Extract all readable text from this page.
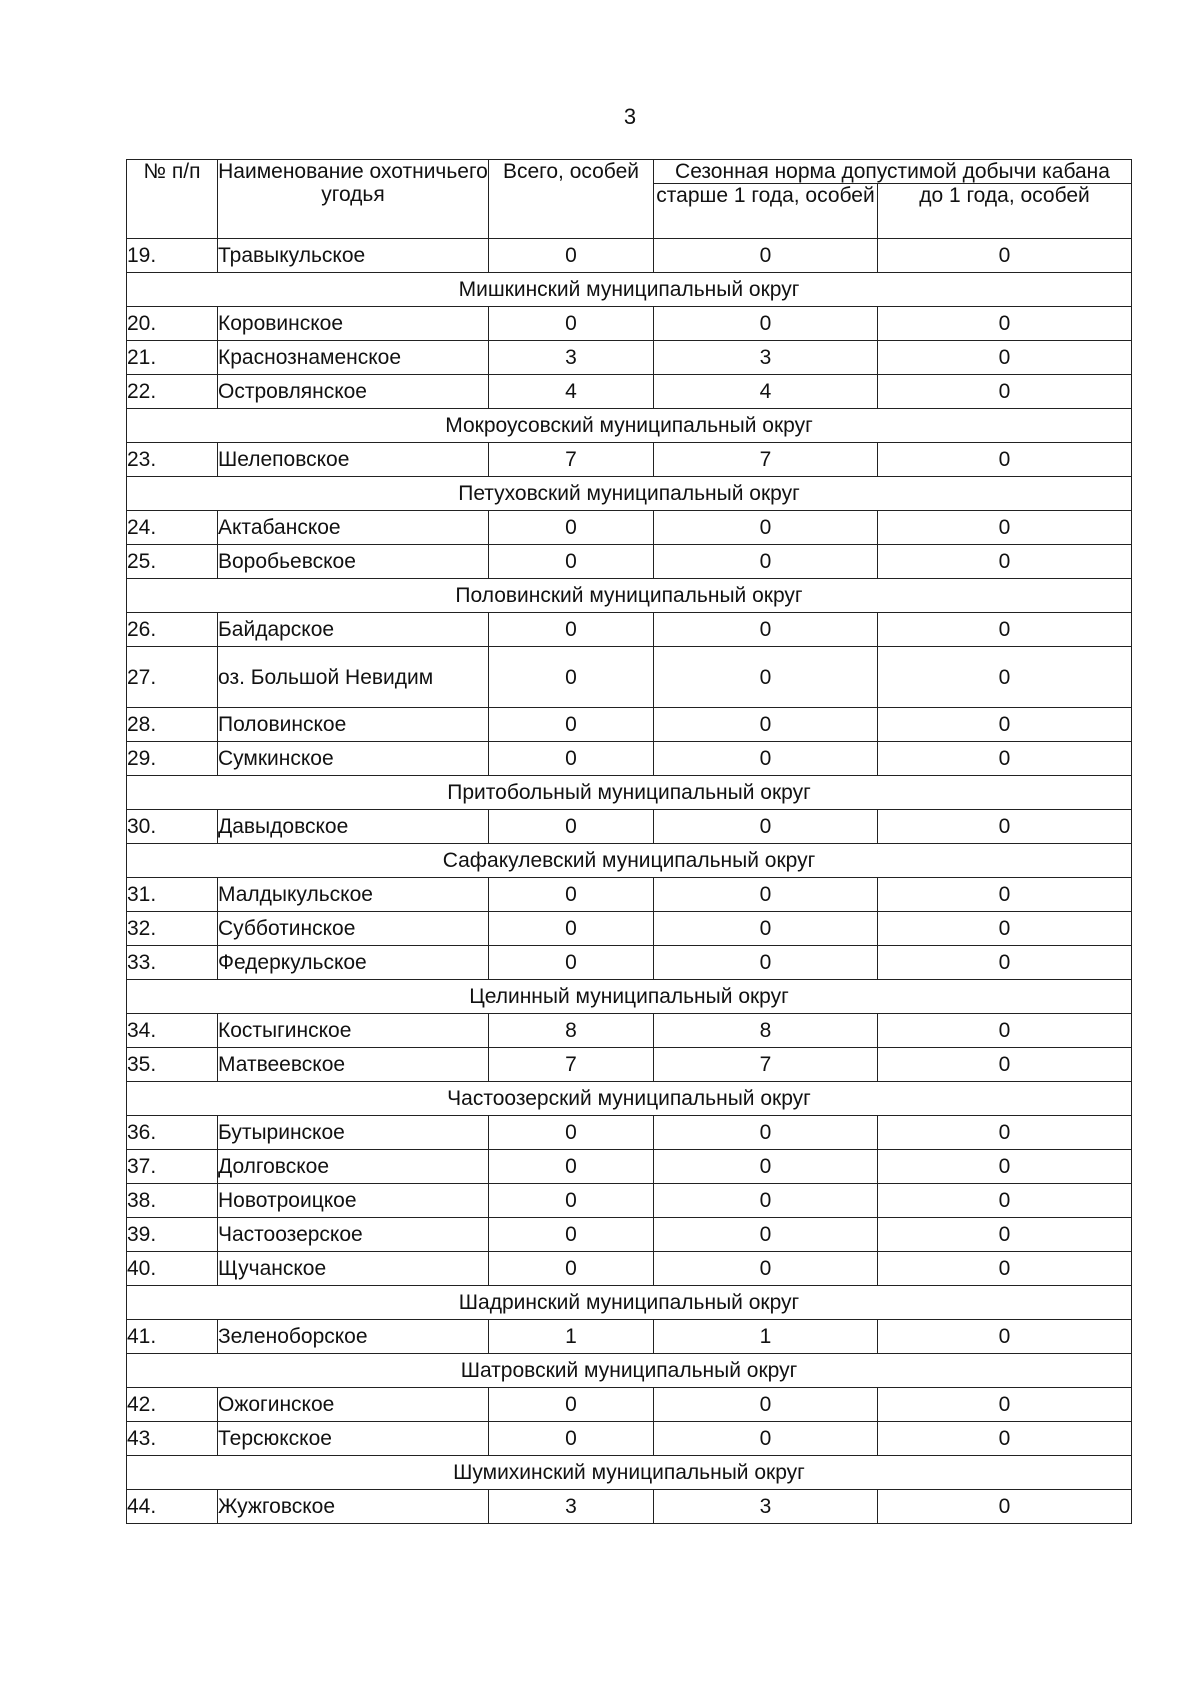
3
№ п/п	Наименование охотничьего угодья	Всего, особей	Сезонная норма допустимой добычи кабана	
			старше 1 года, особей	до 1 года, особей
19.	Травыкульское	0	0	0
Мишкинский муниципальный округ				
20.	Коровинское	0	0	0
21.	Краснознаменское	3	3	0
22.	Островлянское	4	4	0
Мокроусовский муниципальный округ				
23.	Шелеповское	7	7	0
Петуховский муниципальный округ				
24.	Актабанское	0	0	0
25.	Воробьевское	0	0	0
Половинский муниципальный округ				
26.	Байдарское	0	0	0
27.	оз. Большой Невидим	0	0	0
28.	Половинское	0	0	0
29.	Сумкинское	0	0	0
Притобольный муниципальный округ				
30.	Давыдовское	0	0	0
Сафакулевский муниципальный округ				
31.	Малдыкульское	0	0	0
32.	Субботинское	0	0	0
33.	Федеркульское	0	0	0
Целинный муниципальный округ				
34.	Костыгинское	8	8	0
35.	Матвеевское	7	7	0
Частоозерский муниципальный округ				
36.	Бутыринское	0	0	0
37.	Долговское	0	0	0
38.	Новотроицкое	0	0	0
39.	Частоозерское	0	0	0
40.	Щучанское	0	0	0
Шадринский муниципальный округ				
41.	Зеленоборское	1	1	0
Шатровский муниципальный округ				
42.	Ожогинское	0	0	0
43.	Терсюкское	0	0	0
Шумихинский муниципальный округ				
44.	Жужговское	3	3	0
